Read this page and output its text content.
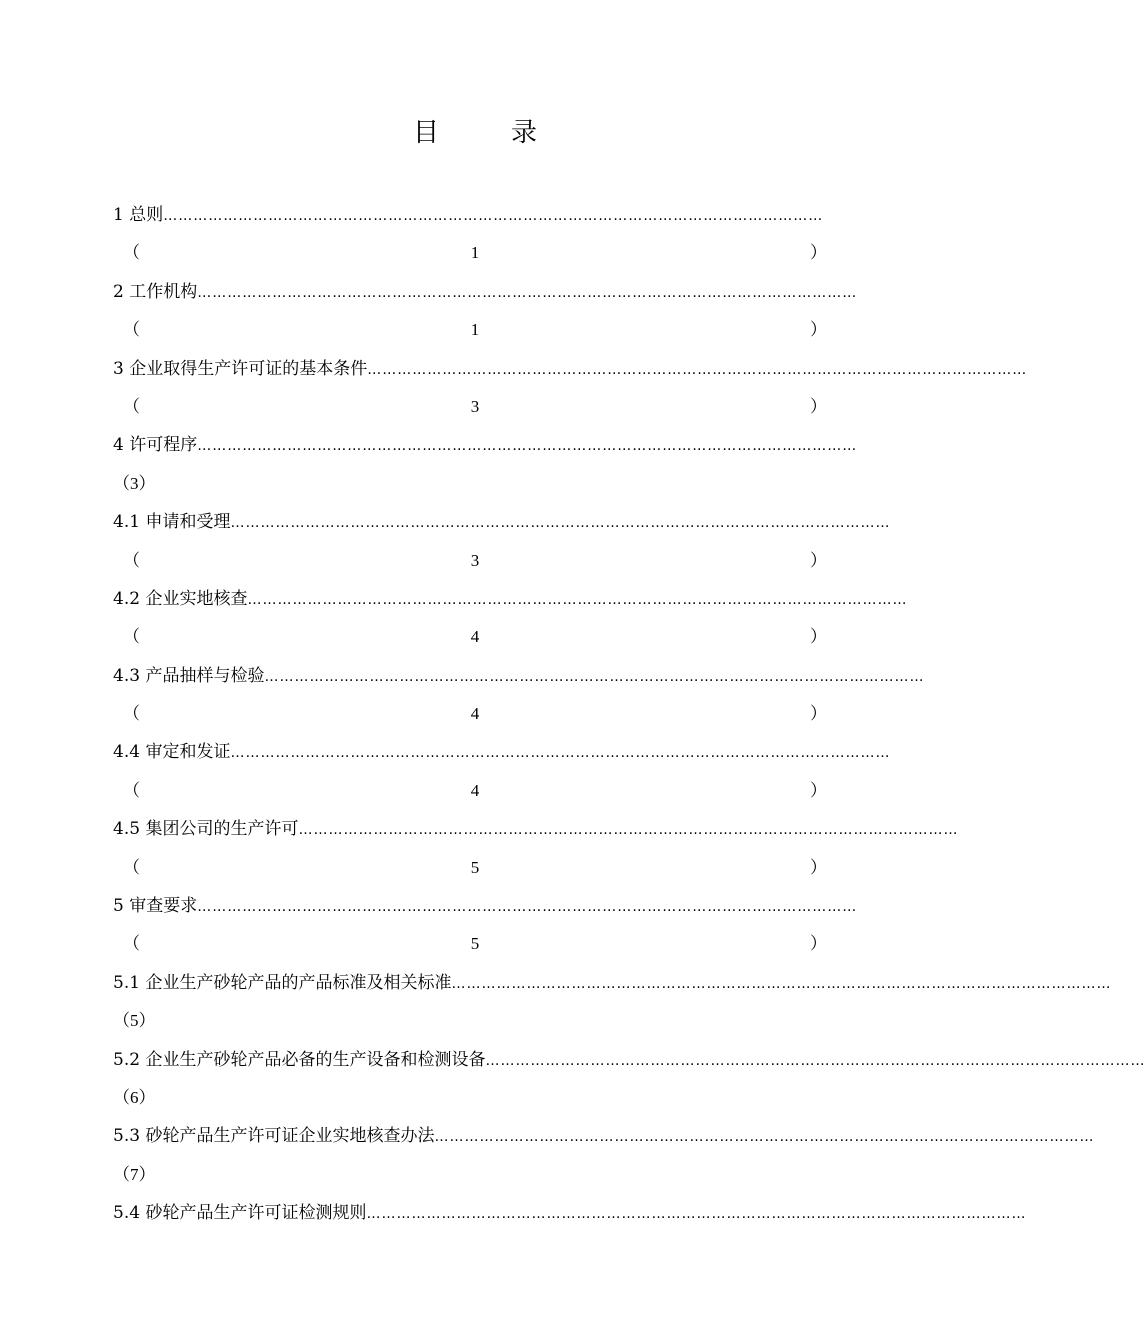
目	录
1 总则 ……………………………………………………………………………………………………………………
（	1	）
2 工作机构 ……………………………………………………………………………………………………………………
（	1	）
3 企业取得生产许可证的基本条件 ……………………………………………………………………………………………………………………
（	3	）
4 许可程序 ……………………………………………………………………………………………………………………
（3）
4.1 申请和受理 ……………………………………………………………………………………………………………………
（	3	）
4.2 企业实地核查 ……………………………………………………………………………………………………………………
（	4	）
4.3 产品抽样与检验 ……………………………………………………………………………………………………………………
（	4	）
4.4 审定和发证 ……………………………………………………………………………………………………………………
（	4	）
4.5 集团公司的生产许可 ……………………………………………………………………………………………………………………
（	5	）
5 审查要求 ……………………………………………………………………………………………………………………
（	5	）
5.1 企业生产砂轮产品的产品标准及相关标准 ……………………………………………………………………………………………………………………
（5）
5.2 企业生产砂轮产品必备的生产设备和检测设备 ……………………………………………………………………………………………………………………
（6）
5.3 砂轮产品生产许可证企业实地核查办法 ……………………………………………………………………………………………………………………
（7）
5.4 砂轮产品生产许可证检测规则 ……………………………………………………………………………………………………………………
